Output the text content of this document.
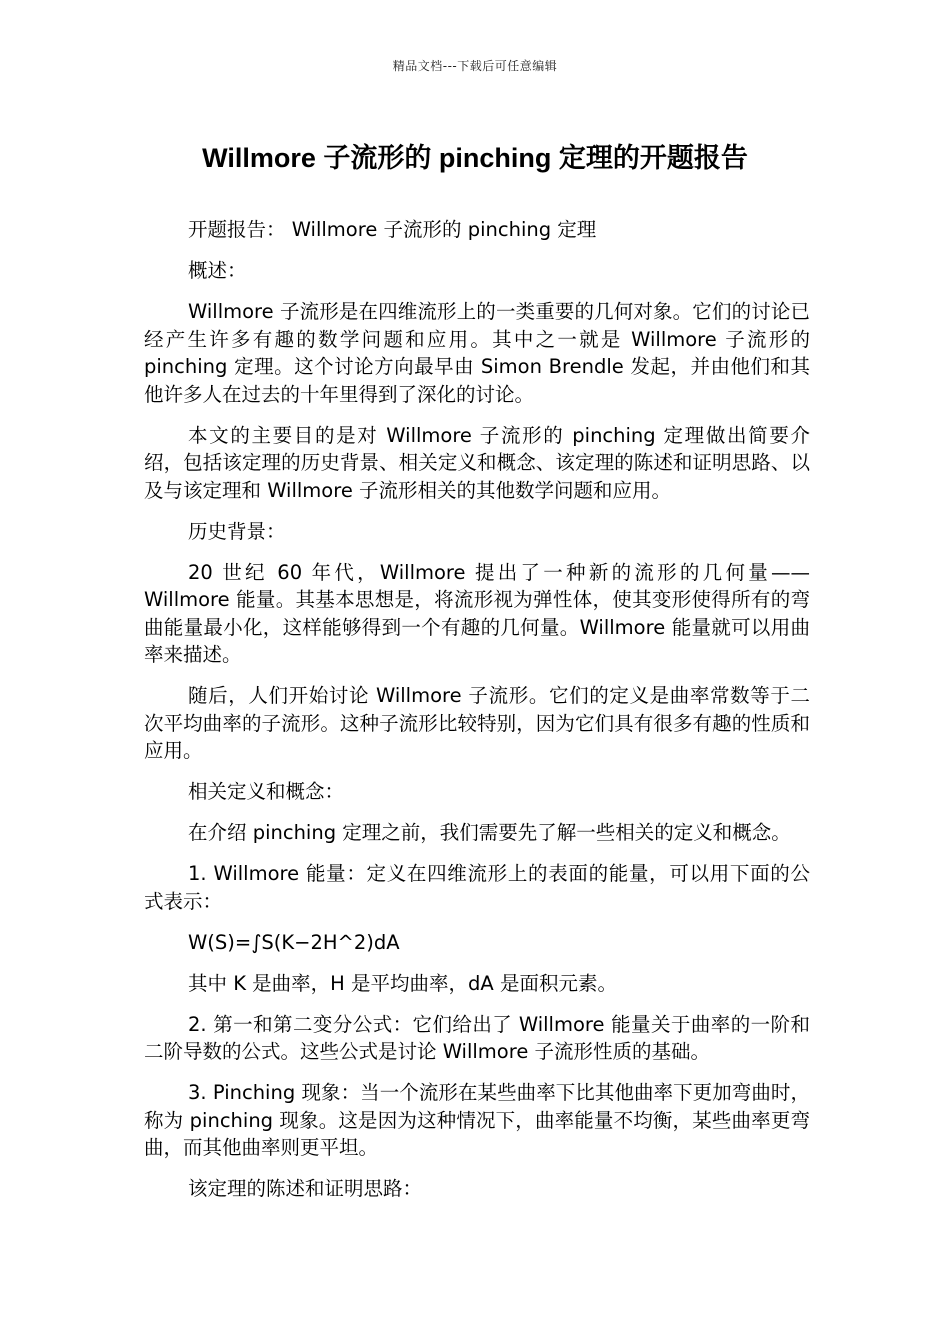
精品文档---下载后可任意编辑
Willmore 子流形的 pinching 定理的开题报告

开题报告： Willmore 子流形的 pinching 定理

概述：

Willmore 子流形是在四维流形上的一类重要的几何对象。它们的讨论已经产生许多有趣的数学问题和应用。其中之一就是 Willmore 子流形的 pinching 定理。这个讨论方向最早由 Simon Brendle 发起，并由他们和其他许多人在过去的十年里得到了深化的讨论。

本文的主要目的是对 Willmore 子流形的 pinching 定理做出简要介绍，包括该定理的历史背景、相关定义和概念、该定理的陈述和证明思路、以及与该定理和 Willmore 子流形相关的其他数学问题和应用。

历史背景：

20 世纪 60 年代，Willmore 提出了一种新的流形的几何量——Willmore 能量。其基本思想是，将流形视为弹性体，使其变形使得所有的弯曲能量最小化，这样能够得到一个有趣的几何量。Willmore 能量就可以用曲率来描述。

随后，人们开始讨论 Willmore 子流形。它们的定义是曲率常数等于二次平均曲率的子流形。这种子流形比较特别，因为它们具有很多有趣的性质和应用。

相关定义和概念：

在介绍 pinching 定理之前，我们需要先了解一些相关的定义和概念。

1. Willmore 能量：定义在四维流形上的表面的能量，可以用下面的公式表示：

W(S)=∫S(K−2H^2)dA

其中 K 是曲率，H 是平均曲率，dA 是面积元素。

2. 第一和第二变分公式：它们给出了 Willmore 能量关于曲率的一阶和二阶导数的公式。这些公式是讨论 Willmore 子流形性质的基础。

3. Pinching 现象：当一个流形在某些曲率下比其他曲率下更加弯曲时，称为 pinching 现象。这是因为这种情况下，曲率能量不均衡，某些曲率更弯曲，而其他曲率则更平坦。

该定理的陈述和证明思路：
